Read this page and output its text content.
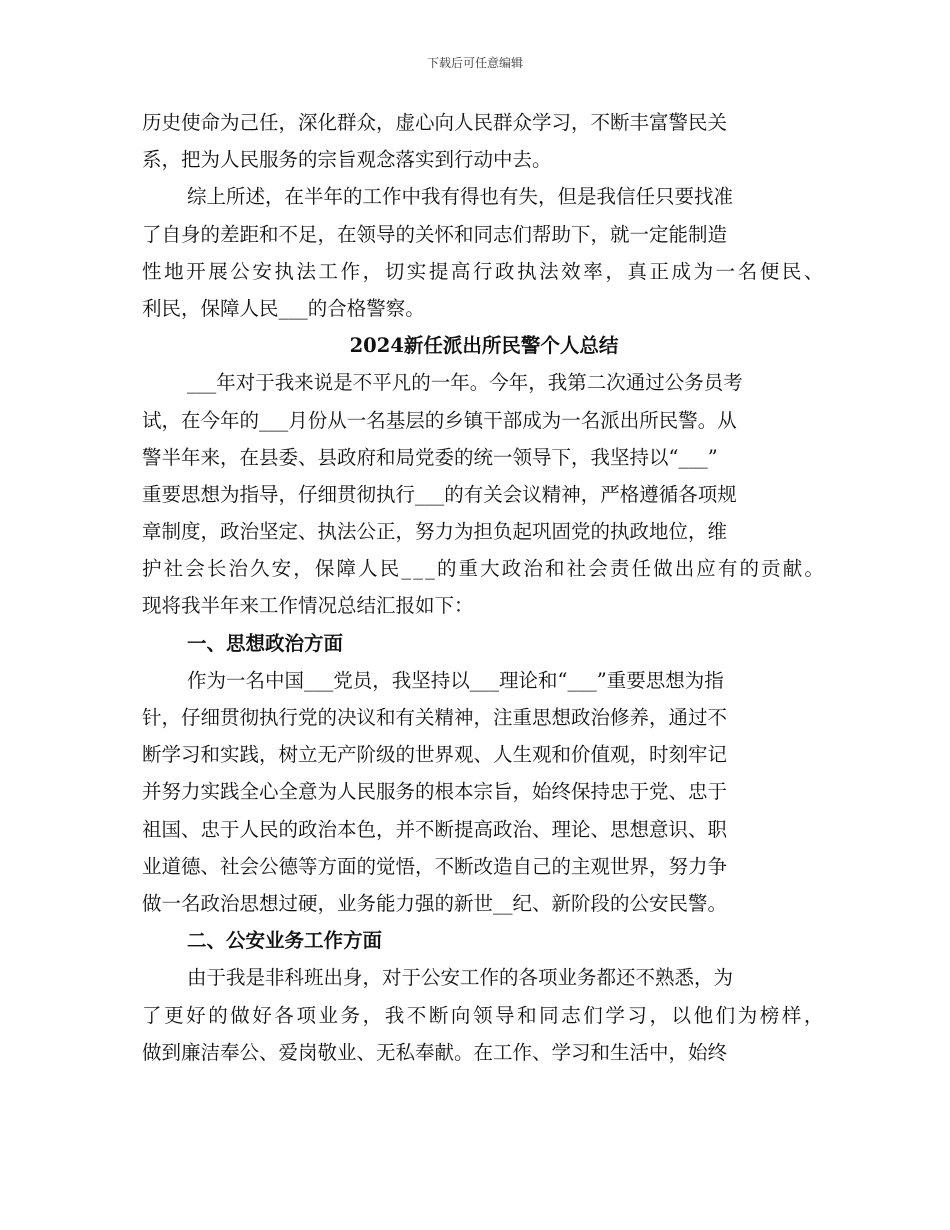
下载后可任意编辑
历史使命为己任，深化群众，虚心向人民群众学习，不断丰富警民关
系，把为人民服务的宗旨观念落实到行动中去。
综上所述，在半年的工作中我有得也有失，但是我信任只要找准
了自身的差距和不足，在领导的关怀和同志们帮助下，就一定能制造
性地开展公安执法工作，切实提高行政执法效率，真正成为一名便民、
利民，保障人民___的合格警察。
2024新任派出所民警个人总结
___年对于我来说是不平凡的一年。今年，我第二次通过公务员考
试，在今年的___月份从一名基层的乡镇干部成为一名派出所民警。从
警半年来，在县委、县政府和局党委的统一领导下，我坚持以“___”
重要思想为指导，仔细贯彻执行___的有关会议精神，严格遵循各项规
章制度，政治坚定、执法公正，努力为担负起巩固党的执政地位，维
护社会长治久安，保障人民___的重大政治和社会责任做出应有的贡献。
现将我半年来工作情况总结汇报如下：
一、思想政治方面
作为一名中国___党员，我坚持以___理论和“___”重要思想为指
针，仔细贯彻执行党的决议和有关精神，注重思想政治修养，通过不
断学习和实践，树立无产阶级的世界观、人生观和价值观，时刻牢记
并努力实践全心全意为人民服务的根本宗旨，始终保持忠于党、忠于
祖国、忠于人民的政治本色，并不断提高政治、理论、思想意识、职
业道德、社会公德等方面的觉悟，不断改造自己的主观世界，努力争
做一名政治思想过硬，业务能力强的新世__纪、新阶段的公安民警。
二、公安业务工作方面
由于我是非科班出身，对于公安工作的各项业务都还不熟悉，为
了更好的做好各项业务，我不断向领导和同志们学习，以他们为榜样，
做到廉洁奉公、爱岗敬业、无私奉献。在工作、学习和生活中，始终
